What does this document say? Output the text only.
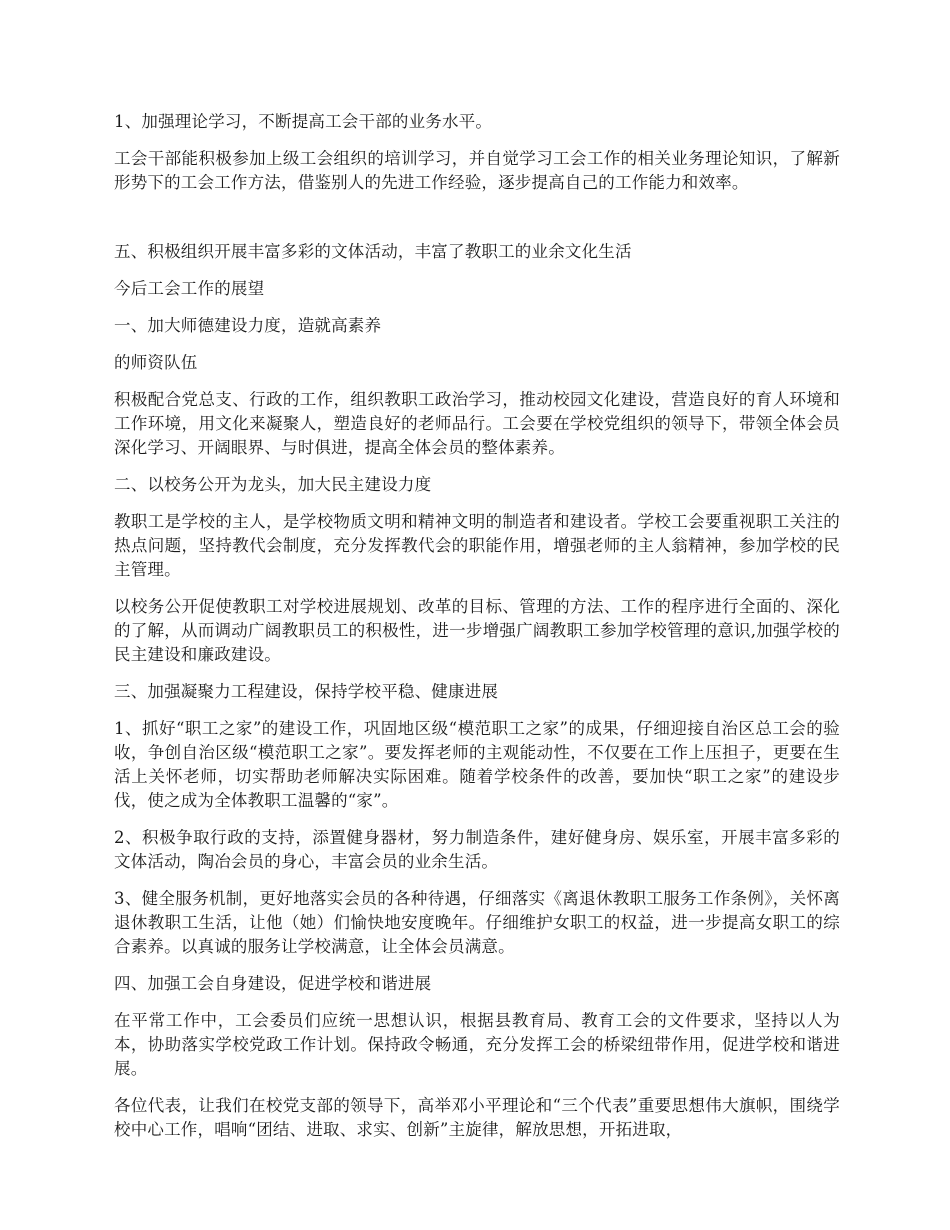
1、加强理论学习，不断提高工会干部的业务水平。

工会干部能积极参加上级工会组织的培训学习，并自觉学习工会工作的相关业务理论知识，了解新形势下的工会工作方法，借鉴别人的先进工作经验，逐步提高自己的工作能力和效率。

五、积极组织开展丰富多彩的文体活动，丰富了教职工的业余文化生活

今后工会工作的展望

一、加大师德建设力度，造就高素养

的师资队伍

积极配合党总支、行政的工作，组织教职工政治学习，推动校园文化建设，营造良好的育人环境和工作环境，用文化来凝聚人，塑造良好的老师品行。工会要在学校党组织的领导下，带领全体会员深化学习、开阔眼界、与时俱进，提高全体会员的整体素养。

二、以校务公开为龙头，加大民主建设力度

教职工是学校的主人，是学校物质文明和精神文明的制造者和建设者。学校工会要重视职工关注的热点问题，坚持教代会制度，充分发挥教代会的职能作用，增强老师的主人翁精神，参加学校的民主管理。

以校务公开促使教职工对学校进展规划、改革的目标、管理的方法、工作的程序进行全面的、深化的了解，从而调动广阔教职员工的积极性，进一步增强广阔教职工参加学校管理的意识,加强学校的民主建设和廉政建设。

三、加强凝聚力工程建设，保持学校平稳、健康进展

1、抓好“职工之家”的建设工作，巩固地区级“模范职工之家”的成果，仔细迎接自治区总工会的验收，争创自治区级“模范职工之家”。要发挥老师的主观能动性，不仅要在工作上压担子，更要在生活上关怀老师，切实帮助老师解决实际困难。随着学校条件的改善，要加快“职工之家”的建设步伐，使之成为全体教职工温馨的“家”。

2、积极争取行政的支持，添置健身器材，努力制造条件，建好健身房、娱乐室，开展丰富多彩的文体活动，陶冶会员的身心，丰富会员的业余生活。

3、健全服务机制，更好地落实会员的各种待遇，仔细落实《离退休教职工服务工作条例》，关怀离退休教职工生活，让他（她）们愉快地安度晚年。仔细维护女职工的权益，进一步提高女职工的综合素养。以真诚的服务让学校满意，让全体会员满意。

四、加强工会自身建设，促进学校和谐进展

在平常工作中，工会委员们应统一思想认识，根据县教育局、教育工会的文件要求，坚持以人为本，协助落实学校党政工作计划。保持政令畅通，充分发挥工会的桥梁纽带作用，促进学校和谐进展。

各位代表，让我们在校党支部的领导下，高举邓小平理论和“三个代表”重要思想伟大旗帜，围绕学校中心工作，唱响“团结、进取、求实、创新”主旋律，解放思想，开拓进取，
